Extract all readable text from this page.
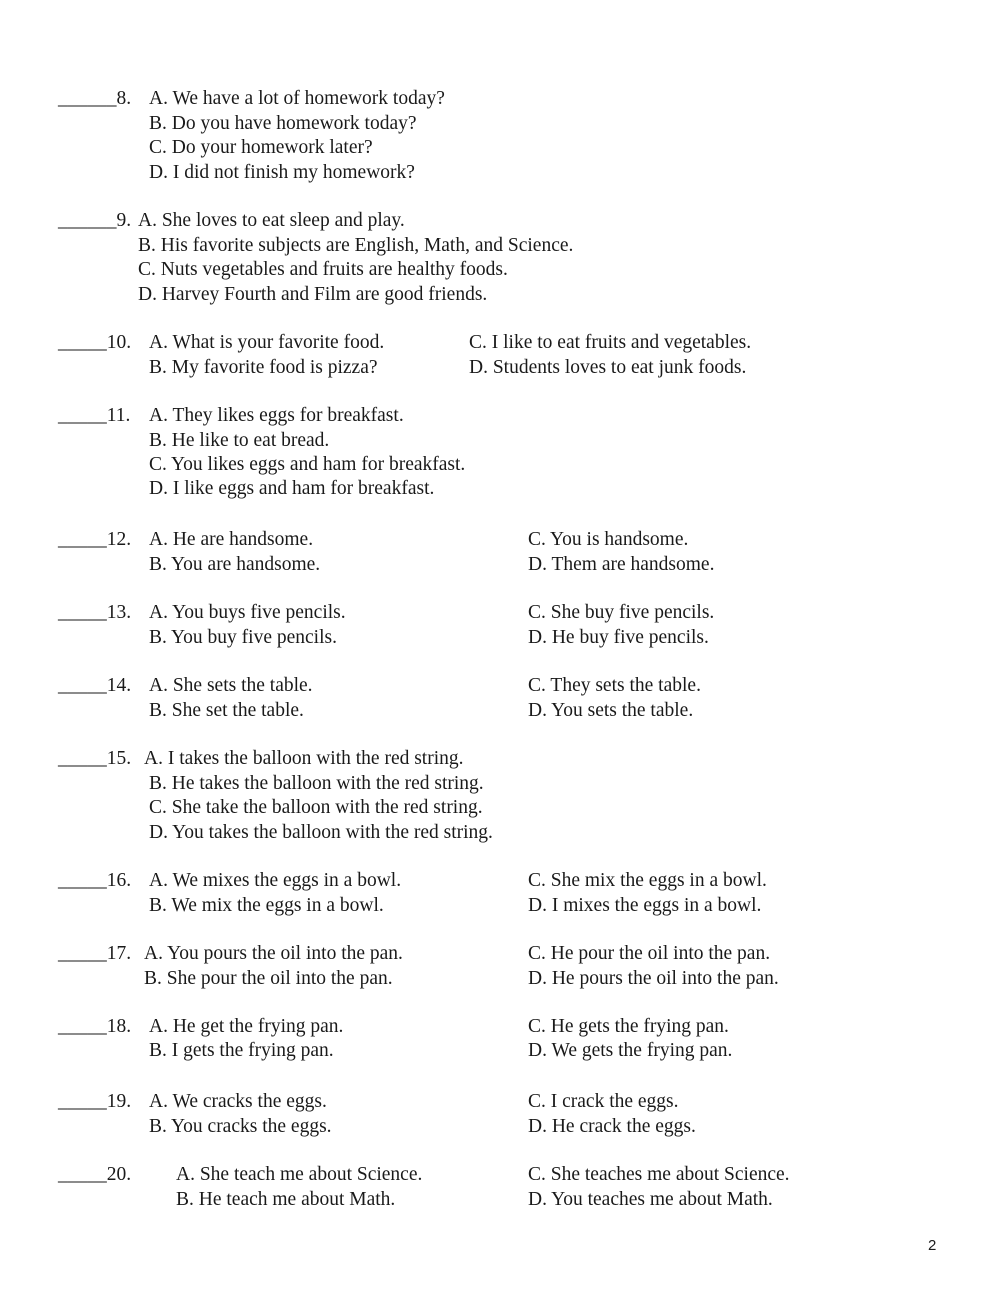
______8. A. We have a lot of homework today?
B. Do you have homework today?
C. Do your homework later?
D. I did not finish my homework?
______9. A. She loves to eat sleep and play.
B. His favorite subjects are English, Math, and Science.
C. Nuts vegetables and fruits are healthy foods.
D. Harvey Fourth and Film are good friends.
_____10. A. What is your favorite food.	C. I like to eat fruits and vegetables.
B. My favorite food is pizza?	D. Students loves to eat junk foods.
_____11. A. They likes eggs for breakfast.
B. He like to eat bread.
C. You likes eggs and ham for breakfast.
D. I like eggs and ham for breakfast.
_____12. A. He are handsome.	C. You is handsome.
B. You are handsome.	D. Them are handsome.
_____13. A. You buys five pencils.	C. She buy five pencils.
B. You buy five pencils.	D. He buy five pencils.
_____14. A. She sets the table.	C. They sets the table.
B. She set the table.	D. You sets the table.
_____15. A. I takes the balloon with the red string.
B. He takes the balloon with the red string.
C. She take the balloon with the red string.
D. You takes the balloon with the red string.
_____16. A. We mixes the eggs in a bowl.	C. She mix the eggs in a bowl.
B. We mix the eggs in a bowl.	D. I mixes the eggs in a bowl.
_____17. A. You pours the oil into the pan.	C. He pour the oil into the pan.
B. She pour the oil into the pan.	D. He pours the oil into the pan.
_____18. A. He get the frying pan.	C. He gets the frying pan.
B. I gets the frying pan.	D. We gets the frying pan.
_____19. A. We cracks the eggs.	C. I crack the eggs.
B. You cracks the eggs.	D. He crack the eggs.
_____20. A. She teach me about Science.	C. She teaches me about Science.
B. He teach me about Math.	D. You teaches me about Math.
2
